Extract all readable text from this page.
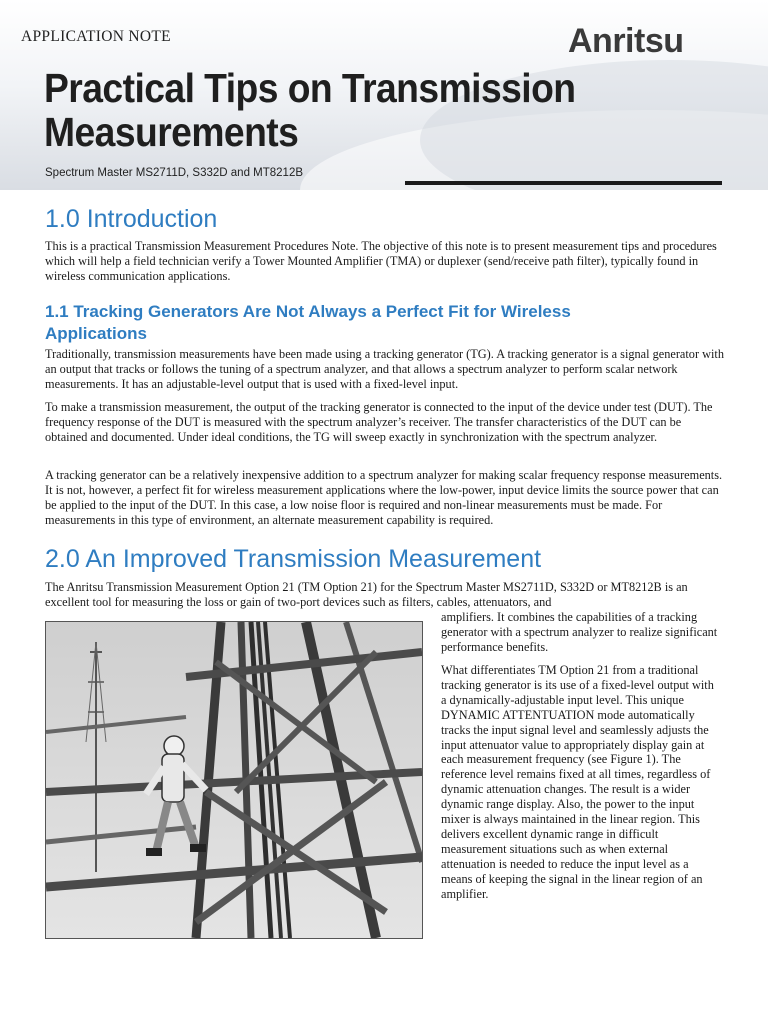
APPLICATION NOTE	Anritsu
Practical Tips on Transmission
Measurements
Spectrum Master MS2711D, S332D and MT8212B
1.0 Introduction

This is a practical Transmission Measurement Procedures Note. The objective of this note is to present measurement tips and procedures which will help a field technician verify a Tower Mounted Amplifier (TMA) or duplexer (send/receive path filter), typically found in wireless communication applications.

1.1 Tracking Generators Are Not Always a Perfect Fit for Wireless
Applications

Traditionally, transmission measurements have been made using a tracking generator (TG). A tracking generator is a signal generator with an output that tracks or follows the tuning of a spectrum analyzer, and that allows a spectrum analyzer to perform scalar network measurements. It has an adjustable-level output that is used with a fixed-level input.

To make a transmission measurement, the output of the tracking generator is connected to the input of the device under test (DUT). The frequency response of the DUT is measured with the spectrum analyzer’s receiver. The transfer characteristics of the DUT can be obtained and documented. Under ideal conditions, the TG will sweep exactly in synchronization with the spectrum analyzer.

A tracking generator can be a relatively inexpensive addition to a spectrum analyzer for making scalar frequency response measurements. It is not, however, a perfect fit for wireless measurement applications where the low-power, input device limits the source power that can be applied to the input of the DUT. In this case, a low noise floor is required and non-linear measurements must be made. For measurements in this type of environment, an alternate measurement capability is required.

2.0 An Improved Transmission Measurement

The Anritsu Transmission Measurement Option 21 (TM Option 21) for the Spectrum Master MS2711D, S332D or MT8212B is an excellent tool for measuring the loss or gain of two-port devices such as filters, cables, attenuators, and

amplifiers. It combines the capabilities of a tracking generator with a spectrum analyzer to realize significant performance benefits.

What differentiates TM Option 21 from a traditional tracking generator is its use of a fixed-level output with a dynamically-adjustable input level. This unique DYNAMIC ATTENTUATION mode automatically tracks the input signal level and seamlessly adjusts the input attenuator value to appropriately display gain at each measurement frequency (see Figure 1). The reference level remains fixed at all times, regardless of dynamic attenuation changes. The result is a wider dynamic range display. Also, the power to the input mixer is always maintained in the linear region. This delivers excellent dynamic range in difficult measurement situations such as when external attenuation is needed to reduce the input level as a means of keeping the signal in the linear region of an amplifier.
